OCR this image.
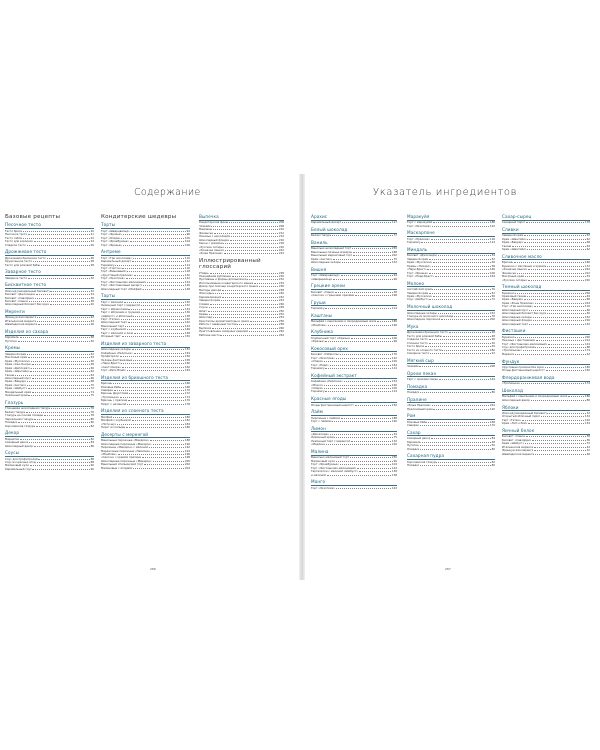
Содержание
Базовые рецепты
Песочное тесто
Тесто брисе	20
Песочное тесто	21
Тесто сабле	22
Тесто для корзинок	24
Сладкое тесто	26
Дрожжевое тесто
Дрожжевое бриошное тесто	26
Круассанное тесто	28
Тесто для ромовой бабы	28
Заварное тесто
Заварное тесто	32
Бисквитное тесто
Жоконд (миндальный бисквит)	32
Бисквит «Джоконда»	34
Бисквит «Савоярди»	36
Бисквит «Саша»	38
Шоколадный бисквит без муки	40
Меренги
Французская меренга	42
Итальянская меренга	44
Швейцарская меренга	46
Изделия из сахара
Карамель	48
Нугатин	50
Кремы
Заварной крем	52
Масляный крем	54
Крем «Мусселин»	56
Крем «Сен-Оноре»	58
Крем «Дипломат»	60
Крем «Шантийи»	62
Ганаш	64
Шоколадный мусс	66
Крем «Бавуар»	68
Крем «Англез»	70
Крем «Шибуст»	72
Миндальный крем	74
Лимонный крем	75
Глазурь
Глянцевая шоколадная глазурь	76
Белая глазурь	76
Глазурь на основе помады	78
Зеркальная глазурь	80
Помадка	80
Королевская глазурь	82
Декор
Марципан	82
Сахарный декор	84
Шоколадный декор	86
Соусы
Соус для профитролей	88
Соус из красных ягод	88
Малиновый кули	90
Карамельный соус	90
Кондитерские шедевры
Торты
Торт «Шварцвальд»	94
Торт «Фрезье»	96
Торт «Опера»	100
Торт «Фрамбуазье»	104
Торт «Фрезье»	106
Антреме
Торт «Три шоколада»	110
Карамельный десерт	112
Тирамису	114
Торт «Тортон»	116
Торт «Вишневый»	118
«Хрустящий пралине»	120
Торт «Экзотика»	122
Торт «Фисташково-малиновый»	124
Торт «Фисташковый десерт»	126
Шоколадный торт «Милфей»	128
Тарты
Тарт с малиной	130
Лимонный тарт с меренгой	132
Тарт с абрикосами	134
Тарт с яблоками и грушами	136
«Шибуст» и яблочный	138
Тарт «Татен»	140
Шоколадный тарт	142
Ванильный тарт	144
Тарт с клубникой	146
Тарт с малиной и личи	148
Ягодный тарт	150
Изделия из заварного теста
Шоколадные эклеры	152
Кофейные «Религьез»	154
Профитроли	156
Эклеры фисташковые	158
«Пари-Брест»	160
«Сент-Оноре»	162
Торт «Paris Brest»	164
Изделия из бриошного теста
Бриошь	166
Ромовые бабы	168
Саварен	170
Бриошь фруктовая	172
«Тропезьен»	174
Бриошь с пралине	176
Пирог с начинкой	178
Изделия из слоеного теста
Милфей	180
Милфей с клубникой	182
«Пити-шу»	184
Пирог из пальмы	186
Десерты с меренгой
Ванильные пирожные «Макарон»	188
Шоколадные пирожные «Макарон»	190
Пирожные «Макарон» с малиной	192
Меренговые пирожные «Павлова»	194
«Монблан»	196
«Саксон» с кремом пралине	198
Шоколадные пирожные «Макарон»	200
Ванильный итальянский торт	202
Малиновые с ягодами	204
Выпечка
Кондитерская фанш	206
Чизкейк	208
Мадлены	210
Финансье	212
Печенье с шоколадом	214
Шоколадный фондан	216
Кексы с джемом	218
«Русские сигары»	220
«Кошачьи языки»	222
«Роше Пралине»	224
Иллюстрированный глоссарий
Утварь	228
Нежнейшие рубленые	230
Противень и формы для выпечки	232
Использование кондитерского мешка	234
Декор при помощи кондитерского мешка	236
Методы декора	238
Жоконды	240
Карамелизация	242
Заварной крем	244
Сливки	246
Соусы	248
Шпат	250
Кремы	252
Шоколад	254
Кристаллы ароматизаторы и орехи	256
Работа с заварным тестом	258
Выпечка	260
Приготовление сахарных изделий	262
Рабочее место	264
286
Указатель ингредиентов
Арахис
Карамельный десерт	117
Белый шоколад
Белая глазурь	77
Ваниль
Ванильно-шоколадный торт	230
Ванильные печенье макарон	188
Ванильный меренговый торт	202
Крем «Англез»	70
Шоколадные эклеры	152
Вишня
Торт «Шварцвальд»	94
«Шварцвальд»	96
Грецкие орехи
Бисквит «Саша»	38
«Саксон» с грецкими орехами	198
Груши
Тирамису	114
Каштаны
Мильфей с каштанами и смородиновым желе	186
«Монблан»	196
Клубника
Клубничный торт «Фрезье»	106
«Фрезье»	96
Кокосовый орех
Бисквит «Узбеколь»	176
Торт «Экзотика»	122
«Опера»	100
Торт «Пари»	164
Тирамису	114
Кофейный экстракт
Кофейные «Религьез»	154
«Мокко»	160
«Опера»	100
Тирамису	114
Красные ягоды
Ягоды фисташковый шарлотт	150
Лайм
Пирожные с лаймом	188
Торт с лаймом	190
Лимон
«Джоконда»	34
Лимонный крем	75
Лимонный тарт с меренгой	132
«Мадлен»	210
Малина
Ванильно-малиновый торт	230
Малиновый кули	90
Торт «Фрамбуазье»	104
Торт «Фисташково-малиновый»	124
Тарталетки с малиной «Шибуст»	136
и малиной	138
Манго
Торт «Экзотика»	122
Маракуйя
Торт с маракуйей	188
Торт «Экзотика»	122
Маскарпоне
Торт «Пралине»	116
Тирамису	114
Миндаль
Бисквит «Джоконда»	34
Заварной крем	52
Крем «Мусселин»	56
Кремы «Пикеро»	58
«Пари-Брест»	160
Торт «Фрезье»	106
Торт «Пари-Брест»	164
Молоко
Английский крем	70
Заварной крем	52
Крем «Мусселин»	56
Соус «Шибуст»	72
Молочный шоколад
Шоколадные эклеры	152
Глазурь из молочного шоколада	76
Шоколадное пирожное	200
Мука
Дрожжевое бриошное тесто	26
Тесто для ромовой бабы	28
Сладкое тесто	26
Слоеное тесто	30
Тесто брисе	20
Тесто из слоеного теста	180
Сахарное тесто	22
Мягкий сыр
Чизкейк	208
Орехи пекан
Тарт с орехами пекан	144
Помадка
Помадка	80
Пралине
«Роше Пралине»	224
Пралиновый крем	120
Ром
Ромовые бабы	168
Саварен	170
Сахар
Сахарный декор	84
Карамель	48
Нугатин	50
Помадка	80
Сахарная пудра
Королевская глазурь	82
Помадка	80
Сахар-сырец
Сахарный пирог	178
Сливки
Заварной крем	52
Крем «Шантийи»	62
Крем «Бавуар»	68
Ганаш	64
Крем «Шантийи»	62
Сливочное масло
Бриошь	166
Бушечно с масляным и кремом	172
«Кошачьи языки»	222
Финансье	212
Масляный крем	54
«Русские сигары»	220
Темный шоколад
Бушечно	226
Кремовый ганаш	64
Крем «Бавуар»	68
Крем «Роше Пралине»	224
Торт «Три шоколада»	110
Шоколадный мусс	66
Шоколадный бисквит без муки	40
Шоколадные эклеры	152
Шоколадный фондан	216
Шоколадный тарт	142
Фисташки
Бушечно	226
Печенье с фисташками	214
Торт «Фисташково-малиновый»	124
Соус для профитролей	88
«Тропезьенн»	174
Меренги	42
Фундук
Хрустящее пралине без муки	180
Ягоды фисташковый шарлотт	150
Флердоранжевая вода
«Тропезьен»	174
Шоколад
Мильфей с каштанами и смородиновым желе	186
Шоколадный декор	86
Яблоки
Жоконд (миндальный бисквит)	32
Открытый яблочный пирог	134
Тарт «Татен»	140
Крем «Пит-о-бой»	134
Яичный белок
Бисквит «Саша»	38
Бисквит «Савоярди»	36
Крем «Шибуст»	72
Итальянская меренга	44
Французская меренга	42
Швейцарская меренга	46
287
